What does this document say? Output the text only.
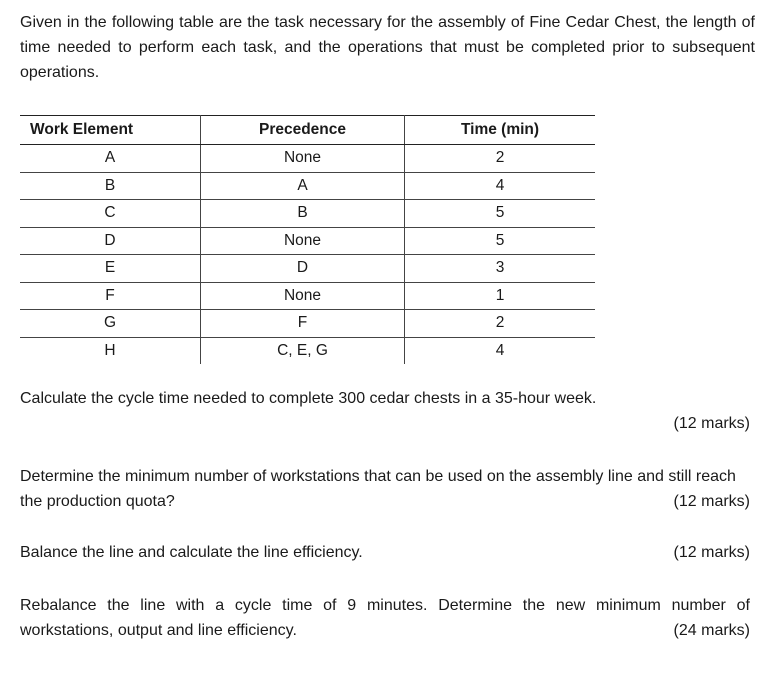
Given in the following table are the task necessary for the assembly of Fine Cedar Chest, the length of time needed to perform each task, and the operations that must be completed prior to subsequent operations.

Work Element	Precedence	Time (min)
A	None	2
B	A	4
C	B	5
D	None	5
E	D	3
F	None	1
G	F	2
H	C, E, G	4
Calculate the cycle time needed to complete 300 cedar chests in a 35-hour week.
(12 marks)
Determine the minimum number of workstations that can be used on the assembly line and still reach the production quota?	(12 marks)
Balance the line and calculate the line efficiency.	(12 marks)
Rebalance the line with a cycle time of 9 minutes. Determine the new minimum number of workstations, output and line efficiency.	(24 marks)
